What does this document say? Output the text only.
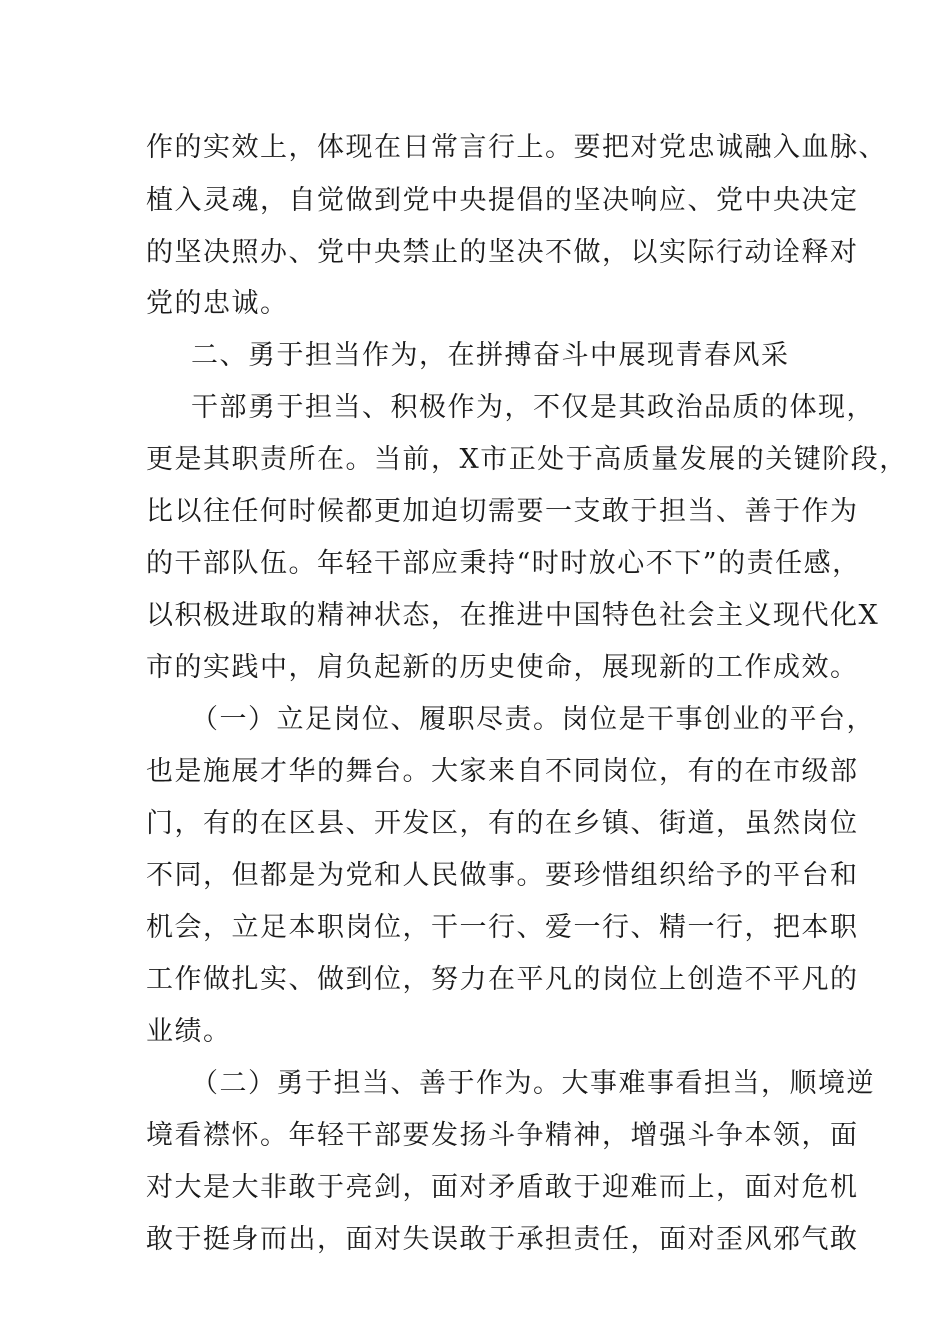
作的实效上，体现在日常言行上。要把对党忠诚融入血脉、
植入灵魂，自觉做到党中央提倡的坚决响应、党中央决定
的坚决照办、党中央禁止的坚决不做，以实际行动诠释对
党的忠诚。
二、勇于担当作为，在拼搏奋斗中展现青春风采
干部勇于担当、积极作为，不仅是其政治品质的体现，
更是其职责所在。当前，X市正处于高质量发展的关键阶段，
比以往任何时候都更加迫切需要一支敢于担当、善于作为
的干部队伍。年轻干部应秉持“时时放心不下”的责任感，
以积极进取的精神状态，在推进中国特色社会主义现代化X
市的实践中，肩负起新的历史使命，展现新的工作成效。
（一）立足岗位、履职尽责。岗位是干事创业的平台，
也是施展才华的舞台。大家来自不同岗位，有的在市级部
门，有的在区县、开发区，有的在乡镇、街道，虽然岗位
不同，但都是为党和人民做事。要珍惜组织给予的平台和
机会，立足本职岗位，干一行、爱一行、精一行，把本职
工作做扎实、做到位，努力在平凡的岗位上创造不平凡的
业绩。
（二）勇于担当、善于作为。大事难事看担当，顺境逆
境看襟怀。年轻干部要发扬斗争精神，增强斗争本领，面
对大是大非敢于亮剑，面对矛盾敢于迎难而上，面对危机
敢于挺身而出，面对失误敢于承担责任，面对歪风邪气敢
